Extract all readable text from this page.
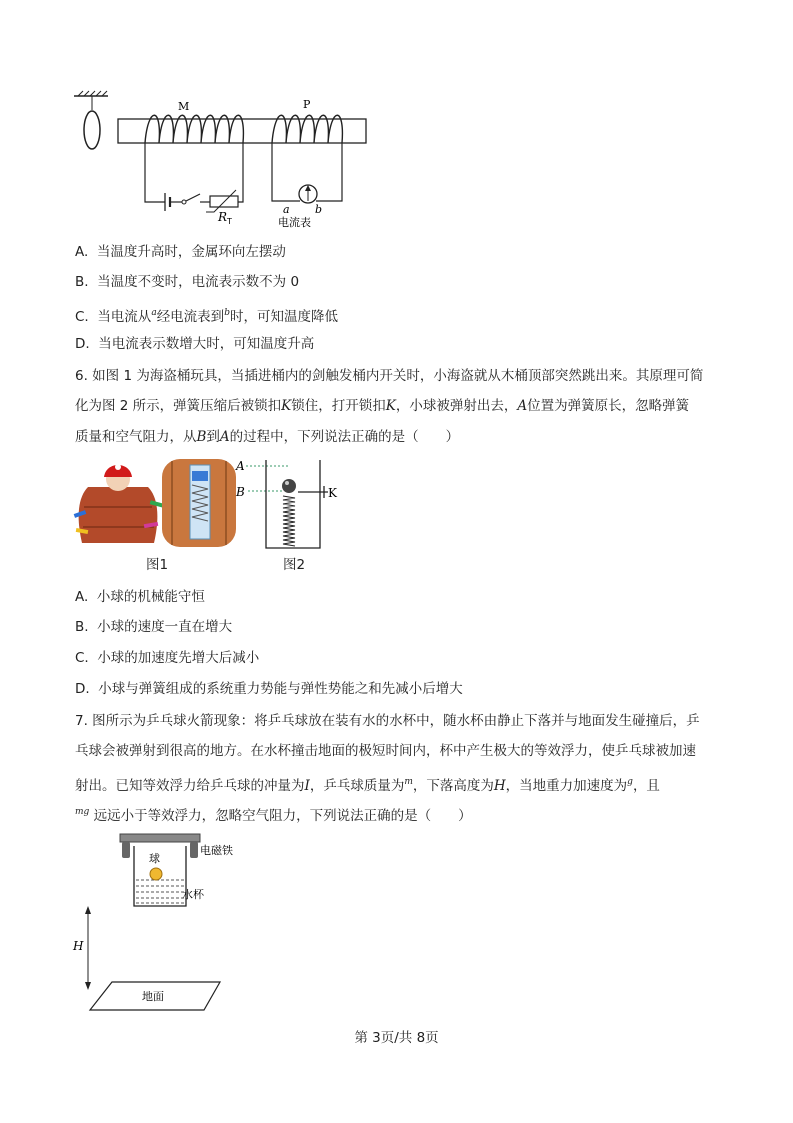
R T
a b
电流表
M	P
A. 当温度升高时，金属环向左摆动
B. 当温度不变时，电流表示数不为 0
C. 当电流从$^a$经电流表到$^b$时，可知温度降低
D. 当电流表示数增大时，可知温度升高
6. 如图 1 为海盗桶玩具，当插进桶内的剑触发桶内开关时，小海盗就从木桶顶部突然跳出来。其原理可简
化为图 2 所示，弹簧压缩后被锁扣K锁住，打开锁扣K，小球被弹射出去，A位置为弹簧原长，忽略弹簧
质量和空气阻力，从B到A的过程中，下列说法正确的是（　　）
图1
A
B	K
图2
A. 小球的机械能守恒
B. 小球的速度一直在增大
C. 小球的加速度先增大后减小
D. 小球与弹簧组成的系统重力势能与弹性势能之和先减小后增大
7. 图所示为乒乓球火箭现象：将乒乓球放在装有水的水杯中，随水杯由静止下落并与地面发生碰撞后，乒
乓球会被弹射到很高的地方。在水杯撞击地面的极短时间内，杯中产生极大的等效浮力，使乒乓球被加速
射出。已知等效浮力给乒乓球的冲量为I，乒乓球质量为$^m$，下落高度为H，当地重力加速度为$^g$，且
$^{mg}$ 远远小于等效浮力，忽略空气阻力，下列说法正确的是（　　）
电磁铁
球
水杯
H
地面
第 3页/共 8页
